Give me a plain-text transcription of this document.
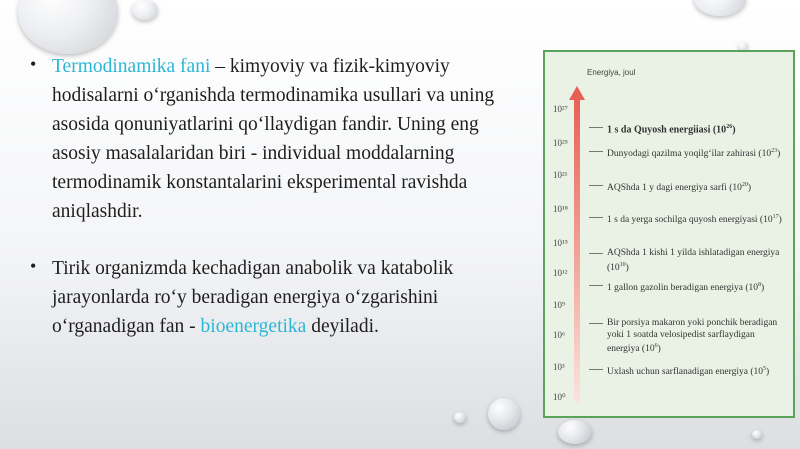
• Termodinamika fani – kimyoviy va fizik-kimyoviy hodisalarni o‘rganishda termodinamika usullari va uning asosida qonuniyatlarini qo‘llaydigan fandir. Uning eng asosiy masalalaridan biri - individual moddalarning termodinamik konstantalarini eksperimental ravishda aniqlashdir.
• Tirik organizmda kechadigan anabolik va katabolik jarayonlarda ro‘y beradigan energiya o‘zgarishini o‘rganadigan fan - bioenergetika deyiladi.
Energiya, joul
10²⁷
10²⁵
10²¹
10¹⁸
10¹⁵
10¹²
10⁹
10⁶
10³
10⁰
1 s da Quyosh energiiasi $(10^{26})$
Dunyodagi qazilma yoqilg‘ilar zahirasi $(10^{23})$
AQShda 1 y dagi energiya sarfi $(10^{20})$
1 s da yerga sochilga quyosh energiyasi $(10^{17})$
AQShda 1 kishi 1 yilda ishlatadigan energiya $(10^{10})$
1 gallon gazolin beradigan energiya $(10^8)$
Bir porsiya makaron yoki ponchik beradigan yoki 1 soatda velosipedist sarflaydigan energiya $(10^6)$
Uxlash uchun sarflanadigan energiya $(10^5)$
